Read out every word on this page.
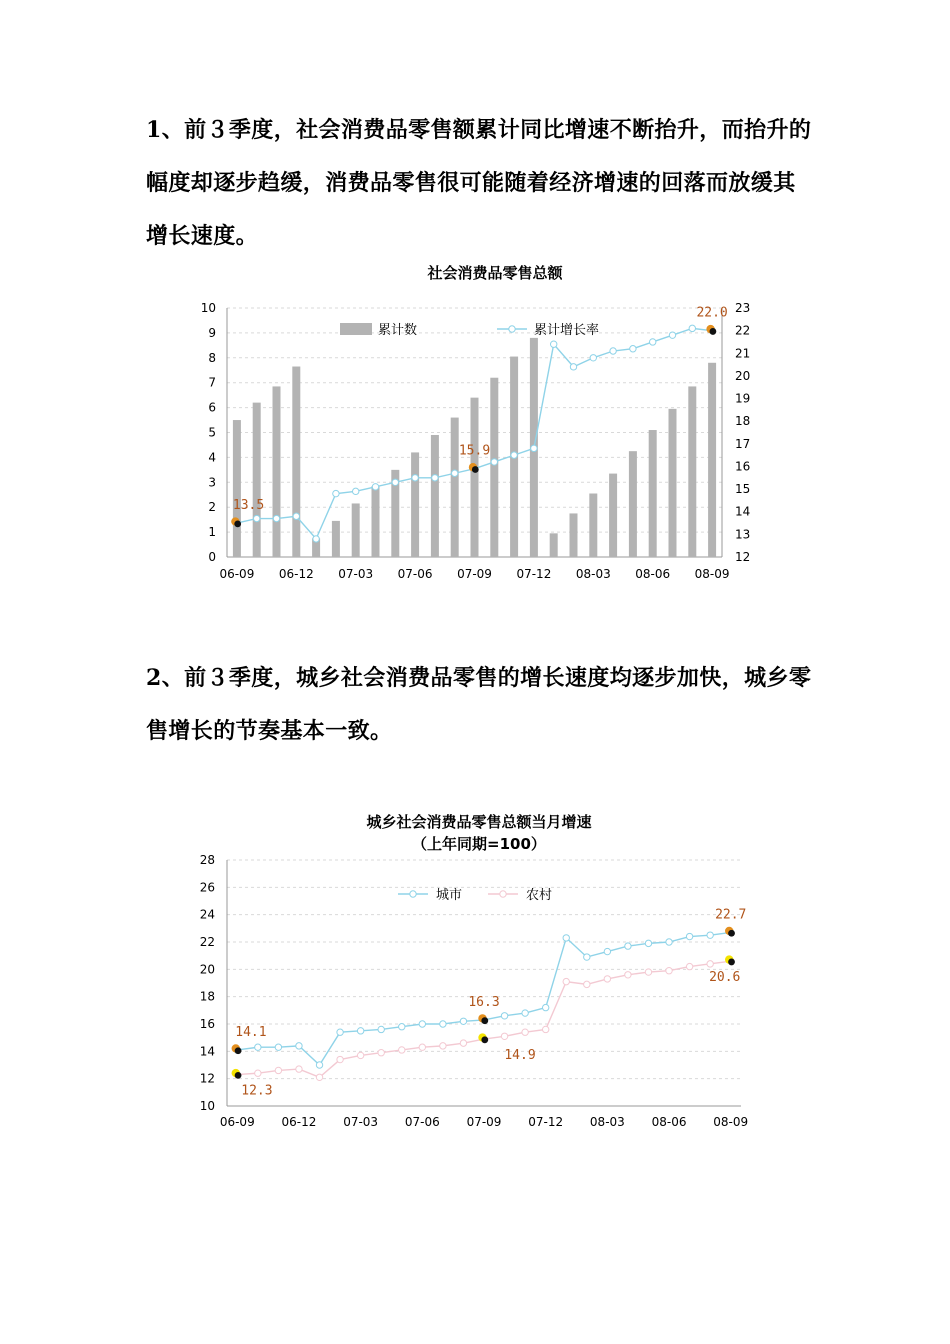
1、前３季度，社会消费品零售额累计同比增速不断抬升，而抬升的幅度却逐步趋缓，消费品零售很可能随着经济增速的回落而放缓其增长速度。
2、前３季度，城乡社会消费品零售的增长速度均逐步加快，城乡零售增长的节奏基本一致。
社会消费品零售总额
0
1
2
3
4
5
6
7
8
9
10
12
13
14
15
16
17
18
19
20
21
22
23
06-09 06-12 07-03 07-06 07-09 07-12 08-03 08-06 08-09
13.5
15.9
22.0
累计数	累计增长率
城乡社会消费品零售总额当月增速
（上年同期=100）
10
12
14
16
18
20
22
24
26
28
06-09 06-12 07-03 07-06 07-09 07-12 08-03 08-06 08-09
14.1
12.3
16.3
14.9
22.7
20.6
城市	农村
